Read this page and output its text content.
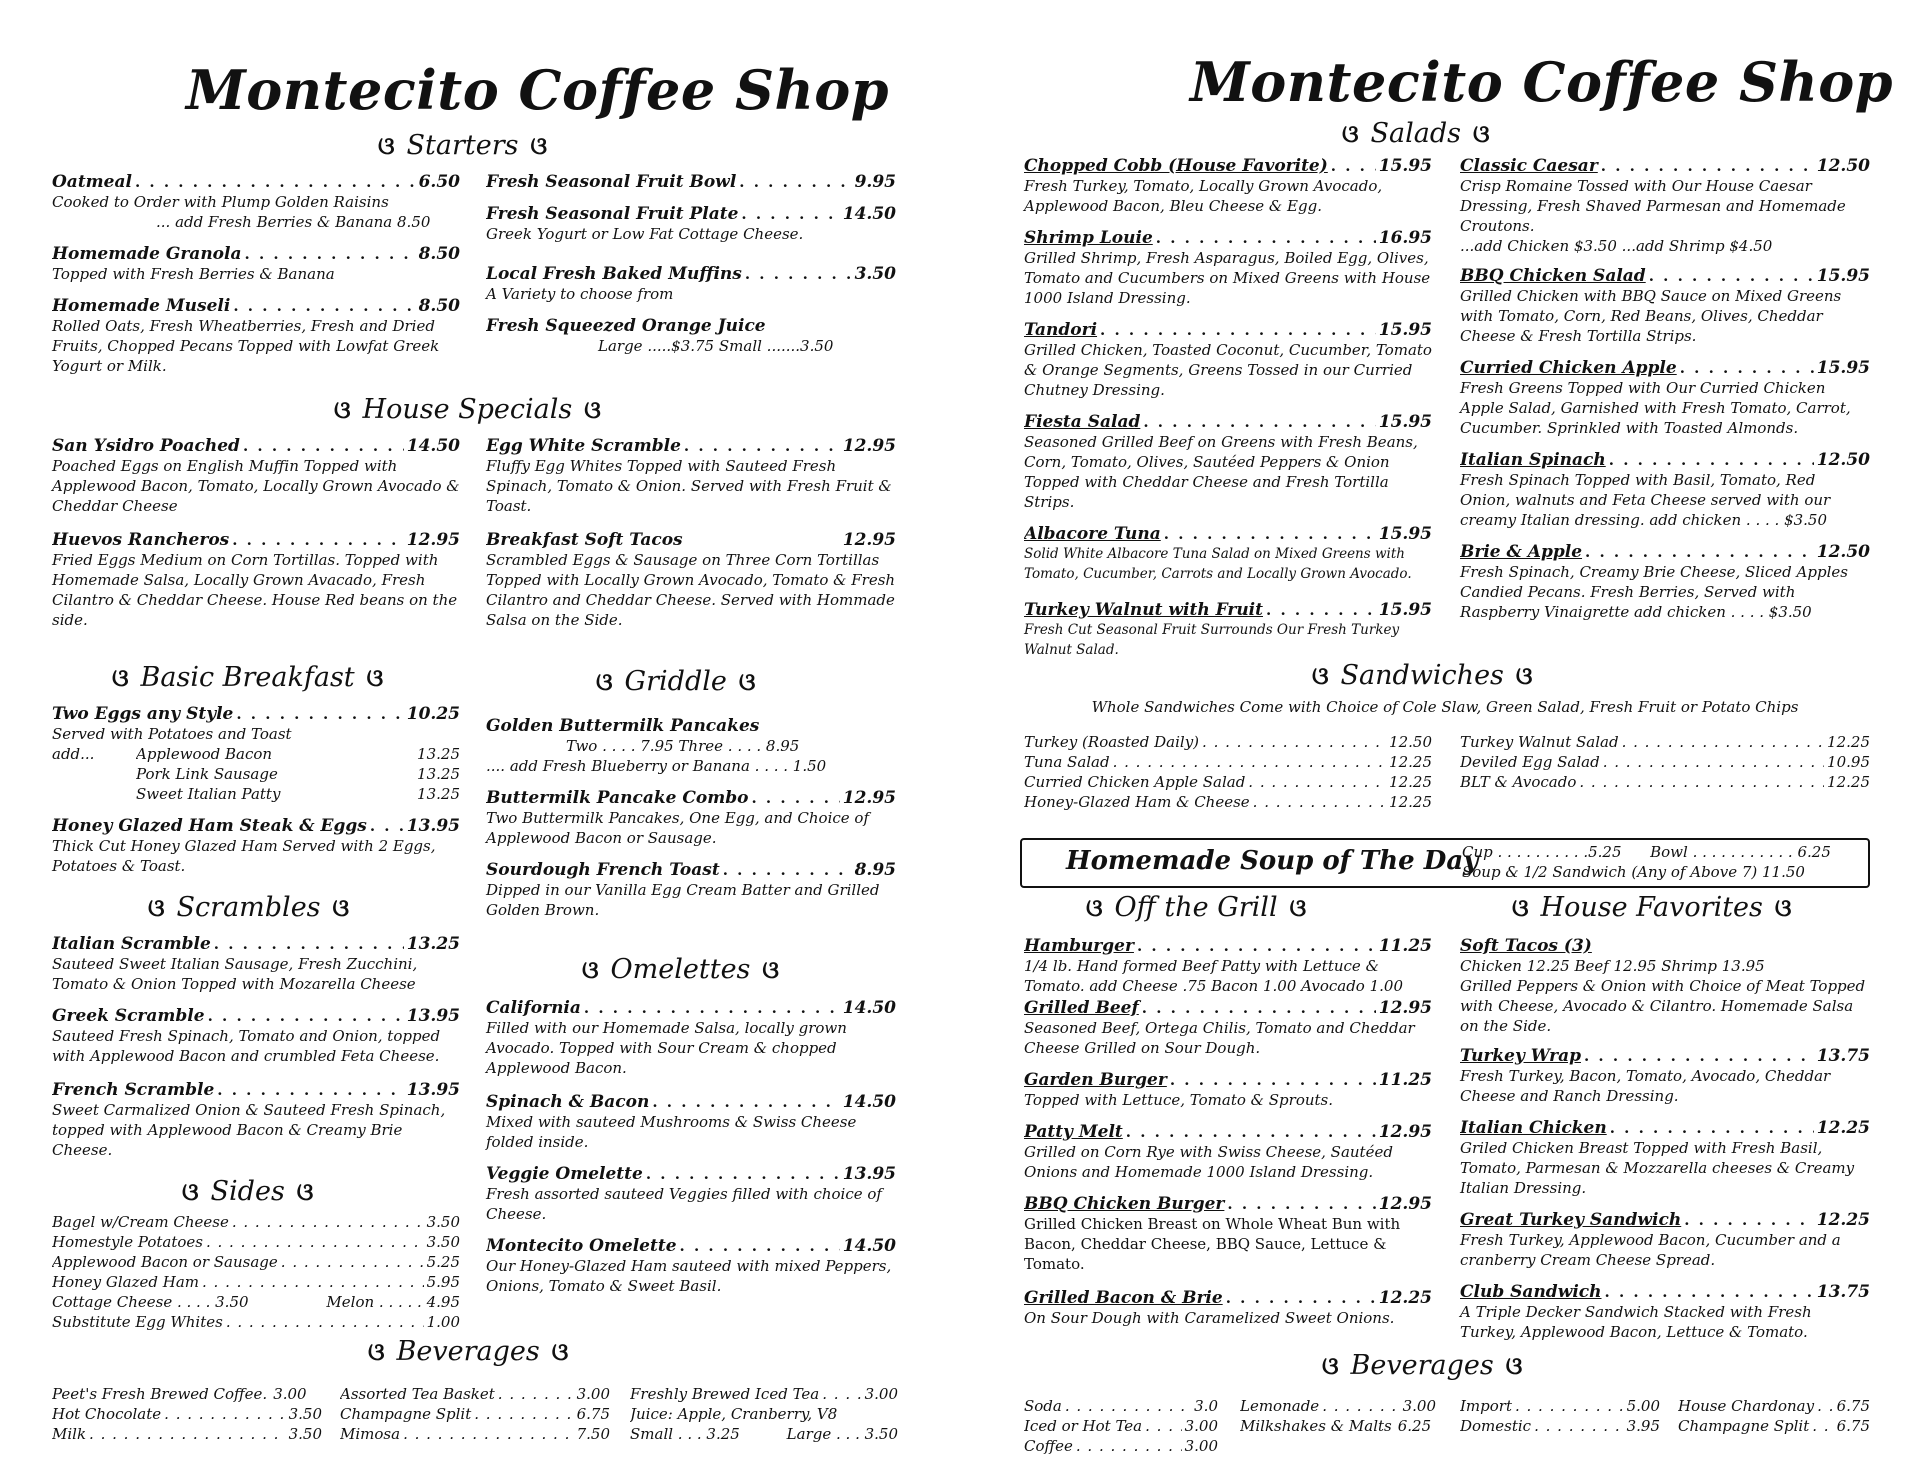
Montecito Coffee Shop
ଓ Starters ଓ
Oatmeal . . .	6.50
Cooked to Order with Plump Golden Raisins
... add Fresh Berries & Banana 8.50
Homemade Granola . . .	8.50
Topped with Fresh Berries & Banana
Homemade Museli . . .	8.50
Rolled Oats, Fresh Wheatberries, Fresh and Dried Fruits, Chopped Pecans Topped with Lowfat Greek Yogurt or Milk.
Fresh Seasonal Fruit Bowl . . .	9.95
Fresh Seasonal Fruit Plate . . .	14.50
Greek Yogurt or Low Fat Cottage Cheese.
Local Fresh Baked Muffins . . .	3.50
A Variety to choose from
Fresh Squeezed Orange Juice
Large .....$3.75 Small .......3.50
ଓ House Specials ଓ
San Ysidro Poached . . .	14.50
Poached Eggs on English Muffin Topped with Applewood Bacon, Tomato, Locally Grown Avocado & Cheddar Cheese
Huevos Rancheros . . .	12.95
Fried Eggs Medium on Corn Tortillas. Topped with Homemade Salsa, Locally Grown Avacado, Fresh Cilantro & Cheddar Cheese. House Red beans on the side.
Egg White Scramble . . .	12.95
Fluffy Egg Whites Topped with Sauteed Fresh Spinach, Tomato & Onion. Served with Fresh Fruit & Toast.
Breakfast Soft Tacos	12.95
Scrambled Eggs & Sausage on Three Corn Tortillas Topped with Locally Grown Avocado, Tomato & Fresh Cilantro and Cheddar Cheese. Served with Hommade Salsa on the Side.
ଓ Basic Breakfast ଓ
Two Eggs any Style . . .	10.25
Served with Potatoes and Toast
add...	Applewood Bacon	13.25
Pork Link Sausage	13.25
Sweet Italian Patty	13.25
Honey Glazed Ham Steak & Eggs . . . 13.95
Thick Cut Honey Glazed Ham Served with 2 Eggs, Potatoes & Toast.
ଓ Scrambles ଓ
Italian Scramble . . .	13.25
Sauteed Sweet Italian Sausage, Fresh Zucchini, Tomato & Onion Topped with Mozarella Cheese
Greek Scramble . . .	13.95
Sauteed Fresh Spinach, Tomato and Onion, topped with Applewood Bacon and crumbled Feta Cheese.
French Scramble . . .	13.95
Sweet Carmalized Onion & Sauteed Fresh Spinach, topped with Applewood Bacon & Creamy Brie Cheese.
ଓ Sides ଓ
Bagel w/Cream Cheese . . .	3.50
Homestyle Potatoes . . .	3.50
Applewood Bacon or Sausage . . .	5.25
Honey Glazed Ham . . .	5.95
Cottage Cheese . . . . 3.50	Melon . . . . . 4.95
Substitute Egg Whites . . .	1.00
ଓ Griddle ଓ
Golden Buttermilk Pancakes
Two . . . . 7.95 Three . . . . 8.95
.... add Fresh Blueberry or Banana . . . . 1.50
Buttermilk Pancake Combo . . .	12.95
Two Buttermilk Pancakes, One Egg, and Choice of Applewood Bacon or Sausage.
Sourdough French Toast . . .	8.95
Dipped in our Vanilla Egg Cream Batter and Grilled Golden Brown.
ଓ Omelettes ଓ
California . . .	14.50
Filled with our Homemade Salsa, locally grown Avocado. Topped with Sour Cream & chopped Applewood Bacon.
Spinach & Bacon . . .	14.50
Mixed with sauteed Mushrooms & Swiss Cheese folded inside.
Veggie Omelette . . .	13.95
Fresh assorted sauteed Veggies filled with choice of Cheese.
Montecito Omelette . . .	14.50
Our Honey-Glazed Ham sauteed with mixed Peppers, Onions, Tomato & Sweet Basil.
ଓ Beverages ଓ
Peet's Fresh Brewed Coffee. 3.00
Hot Chocolate . . .	3.50
Milk . . .	3.50
Assorted Tea Basket . . .	3.00
Champagne Split . . .	6.75
Mimosa . . .	7.50
Freshly Brewed Iced Tea . . .	3.00
Juice: Apple, Cranberry, V8
Small . . . 3.25	Large . . . 3.50
Montecito Coffee Shop
ଓ Salads ଓ
Chopped Cobb (House Favorite) . . .	15.95
Fresh Turkey, Tomato, Locally Grown Avocado, Applewood Bacon, Bleu Cheese & Egg.
Shrimp Louie . . .	16.95
Grilled Shrimp, Fresh Asparagus, Boiled Egg, Olives, Tomato and Cucumbers on Mixed Greens with House 1000 Island Dressing.
Tandori . . .	15.95
Grilled Chicken, Toasted Coconut, Cucumber, Tomato & Orange Segments, Greens Tossed in our Curried Chutney Dressing.
Fiesta Salad . . .	15.95
Seasoned Grilled Beef on Greens with Fresh Beans, Corn, Tomato, Olives, Sautéed Peppers & Onion Topped with Cheddar Cheese and Fresh Tortilla Strips.
Albacore Tuna . . .	15.95
Solid White Albacore Tuna Salad on Mixed Greens with Tomato, Cucumber, Carrots and Locally Grown Avocado.
Turkey Walnut with Fruit . . .	15.95
Fresh Cut Seasonal Fruit Surrounds Our Fresh Turkey Walnut Salad.
Classic Caesar . . .	12.50
Crisp Romaine Tossed with Our House Caesar Dressing, Fresh Shaved Parmesan and Homemade Croutons.
...add Chicken $3.50 ...add Shrimp $4.50
BBQ Chicken Salad . . .	15.95
Grilled Chicken with BBQ Sauce on Mixed Greens with Tomato, Corn, Red Beans, Olives, Cheddar Cheese & Fresh Tortilla Strips.
Curried Chicken Apple . . .	15.95
Fresh Greens Topped with Our Curried Chicken Apple Salad, Garnished with Fresh Tomato, Carrot, Cucumber. Sprinkled with Toasted Almonds.
Italian Spinach . . .	12.50
Fresh Spinach Topped with Basil, Tomato, Red Onion, walnuts and Feta Cheese served with our creamy Italian dressing. add chicken . . . . $3.50
Brie & Apple . . .	12.50
Fresh Spinach, Creamy Brie Cheese, Sliced Apples Candied Pecans. Fresh Berries, Served with Raspberry Vinaigrette add chicken . . . . $3.50
ଓ Sandwiches ଓ
Whole Sandwiches Come with Choice of Cole Slaw, Green Salad, Fresh Fruit or Potato Chips
Turkey (Roasted Daily) . . .	12.50
Tuna Salad . . .	12.25
Curried Chicken Apple Salad . . .	12.25
Honey-Glazed Ham & Cheese . . .	12.25
Turkey Walnut Salad . . .	12.25
Deviled Egg Salad . . .	10.95
BLT & Avocado . . .	12.25
Homemade Soup of The Day
Cup . . . . . . . . . .5.25 Bowl . . . . . . . . . . . 6.25
Soup & 1/2 Sandwich (Any of Above 7) 11.50
ଓ Off the Grill ଓ
Hamburger . . .	11.25
1/4 lb. Hand formed Beef Patty with Lettuce & Tomato. add Cheese .75 Bacon 1.00 Avocado 1.00
Grilled Beef . . .	12.95
Seasoned Beef, Ortega Chilis, Tomato and Cheddar Cheese Grilled on Sour Dough.
Garden Burger . . .	11.25
Topped with Lettuce, Tomato & Sprouts.
Patty Melt . . .	12.95
Grilled on Corn Rye with Swiss Cheese, Sautéed Onions and Homemade 1000 Island Dressing.
BBQ Chicken Burger . . .	12.95
Grilled Chicken Breast on Whole Wheat Bun with Bacon, Cheddar Cheese, BBQ Sauce, Lettuce & Tomato.
Grilled Bacon & Brie . . .	12.25
On Sour Dough with Caramelized Sweet Onions.
ଓ House Favorites ଓ
Soft Tacos (3)
Chicken 12.25 Beef 12.95 Shrimp 13.95
Grilled Peppers & Onion with Choice of Meat Topped with Cheese, Avocado & Cilantro. Homemade Salsa on the Side.
Turkey Wrap . . .	13.75
Fresh Turkey, Bacon, Tomato, Avocado, Cheddar Cheese and Ranch Dressing.
Italian Chicken . . .	12.25
Griled Chicken Breast Topped with Fresh Basil, Tomato, Parmesan & Mozzarella cheeses & Creamy Italian Dressing.
Great Turkey Sandwich . . .	12.25
Fresh Turkey, Applewood Bacon, Cucumber and a cranberry Cream Cheese Spread.
Club Sandwich . . .	13.75
A Triple Decker Sandwich Stacked with Fresh Turkey, Applewood Bacon, Lettuce & Tomato.
ଓ Beverages ଓ
Soda . . .	3.0
Iced or Hot Tea . . .	3.00
Coffee . . .	3.00
Lemonade . . .	3.00
Milkshakes & Malts 6.25
Import . . .	5.00
Domestic . . .	3.95
House Chardonay . . . 6.75
Champagne Split . . . 6.75
